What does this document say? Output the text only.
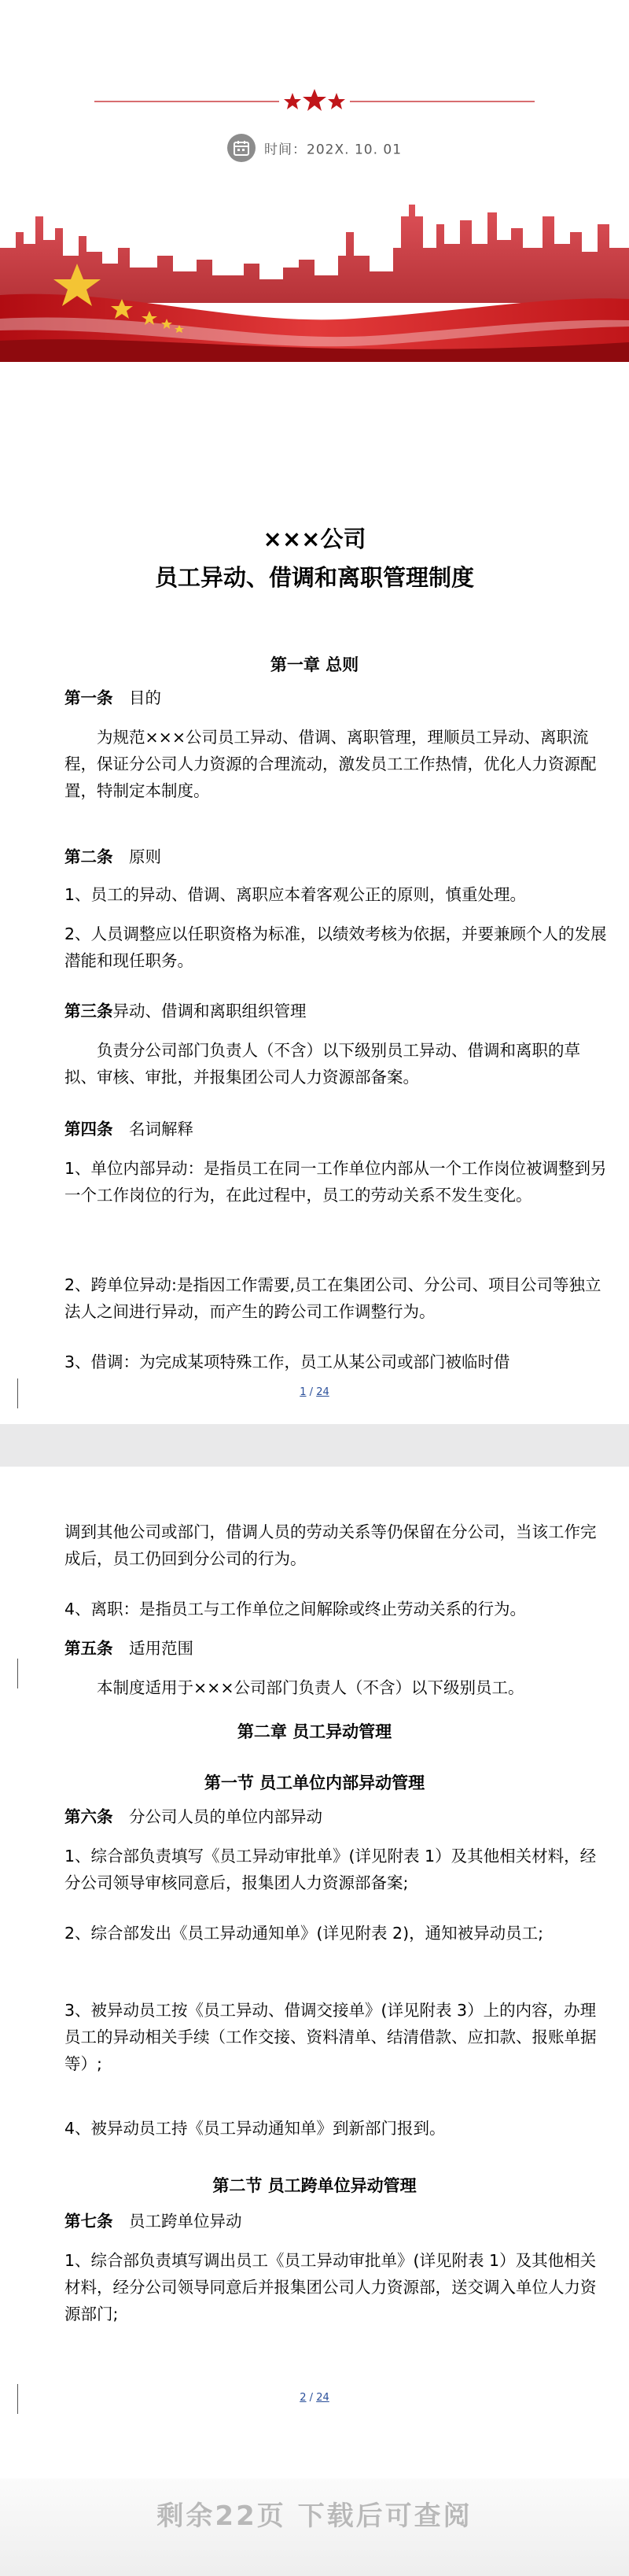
时间：202X. 10. 01
×××公司
员工异动、借调和离职管理制度
第一章 总则
第一条　 目的
为规范×××公司员工异动、借调、离职管理，理顺员工异动、离职流程，保证分公司人力资源的合理流动，激发员工工作热情，优化人力资源配置，特制定本制度。
第二条　 原则
1、员工的异动、借调、离职应本着客观公正的原则，慎重处理。
2、人员调整应以任职资格为标准，以绩效考核为依据，并要兼顾个人的发展潜能和现任职务。
第三条异动、借调和离职组织管理
负责分公司部门负责人（不含）以下级别员工异动、借调和离职的草拟、审核、审批，并报集团公司人力资源部备案。
第四条　 名词解释
1、单位内部异动：是指员工在同一工作单位内部从一个工作岗位被调整到另一个工作岗位的行为，在此过程中，员工的劳动关系不发生变化。
2、跨单位异动:是指因工作需要,员工在集团公司、分公司、项目公司等独立法人之间进行异动，而产生的跨公司工作调整行为。
3、借调：为完成某项特殊工作，员工从某公司或部门被临时借
1 / 24
调到其他公司或部门，借调人员的劳动关系等仍保留在分公司，当该工作完成后，员工仍回到分公司的行为。
4、离职：是指员工与工作单位之间解除或终止劳动关系的行为。
第五条　 适用范围
本制度适用于×××公司部门负责人（不含）以下级别员工。
第二章 员工异动管理
第一节 员工单位内部异动管理
第六条　 分公司人员的单位内部异动
1、综合部负责填写《员工异动审批单》(详见附表 1）及其他相关材料，经分公司领导审核同意后，报集团人力资源部备案;
2、综合部发出《员工异动通知单》(详见附表 2)，通知被异动员工;
3、被异动员工按《员工异动、借调交接单》(详见附表 3）上的内容，办理员工的异动相关手续（工作交接、资料清单、结清借款、应扣款、报账单据等）;
4、被异动员工持《员工异动通知单》到新部门报到。
第二节 员工跨单位异动管理
第七条　 员工跨单位异动
1、综合部负责填写调出员工《员工异动审批单》(详见附表 1）及其他相关材料，经分公司领导同意后并报集团公司人力资源部，送交调入单位人力资源部门;
2 / 24
剩余22页 下载后可查阅
